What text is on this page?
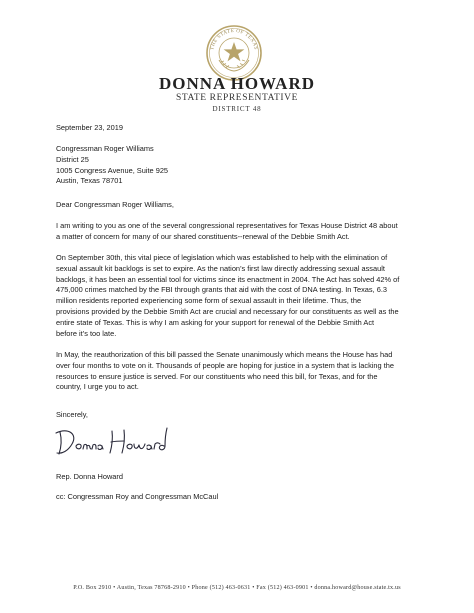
THE STATE OF TEXAS
DONNA HOWARD
STATE REPRESENTATIVE
DISTRICT 48
September 23, 2019
Congressman Roger Williams
District 25
1005 Congress Avenue, Suite 925
Austin, Texas 78701
Dear Congressman Roger Williams,
I am writing to you as one of the several congressional representatives for Texas House District 48 about
a matter of concern for many of our shared constituents--renewal of the Debbie Smith Act.
On September 30th, this vital piece of legislation which was established to help with the elimination of
sexual assault kit backlogs is set to expire. As the nation’s first law directly addressing sexual assault
backlogs, it has been an essential tool for victims since its enactment in 2004. The Act has solved 42% of
475,000 crimes matched by the FBI through grants that aid with the cost of DNA testing. In Texas, 6.3
million residents reported experiencing some form of sexual assault in their lifetime. Thus, the
provisions provided by the Debbie Smith Act are crucial and necessary for our constituents as well as the
entire state of Texas. This is why I am asking for your support for renewal of the Debbie Smith Act
before it’s too late.
In May, the reauthorization of this bill passed the Senate unanimously which means the House has had
over four months to vote on it. Thousands of people are hoping for justice in a system that is lacking the
resources to ensure justice is served. For our constituents who need this bill, for Texas, and for the
country, I urge you to act.
Sincerely,
Rep. Donna Howard
cc: Congressman Roy and Congressman McCaul
P.O. Box 2910 • Austin, Texas 78768-2910 • Phone (512) 463-0631 • Fax (512) 463-0901 • donna.howard@house.state.tx.us
